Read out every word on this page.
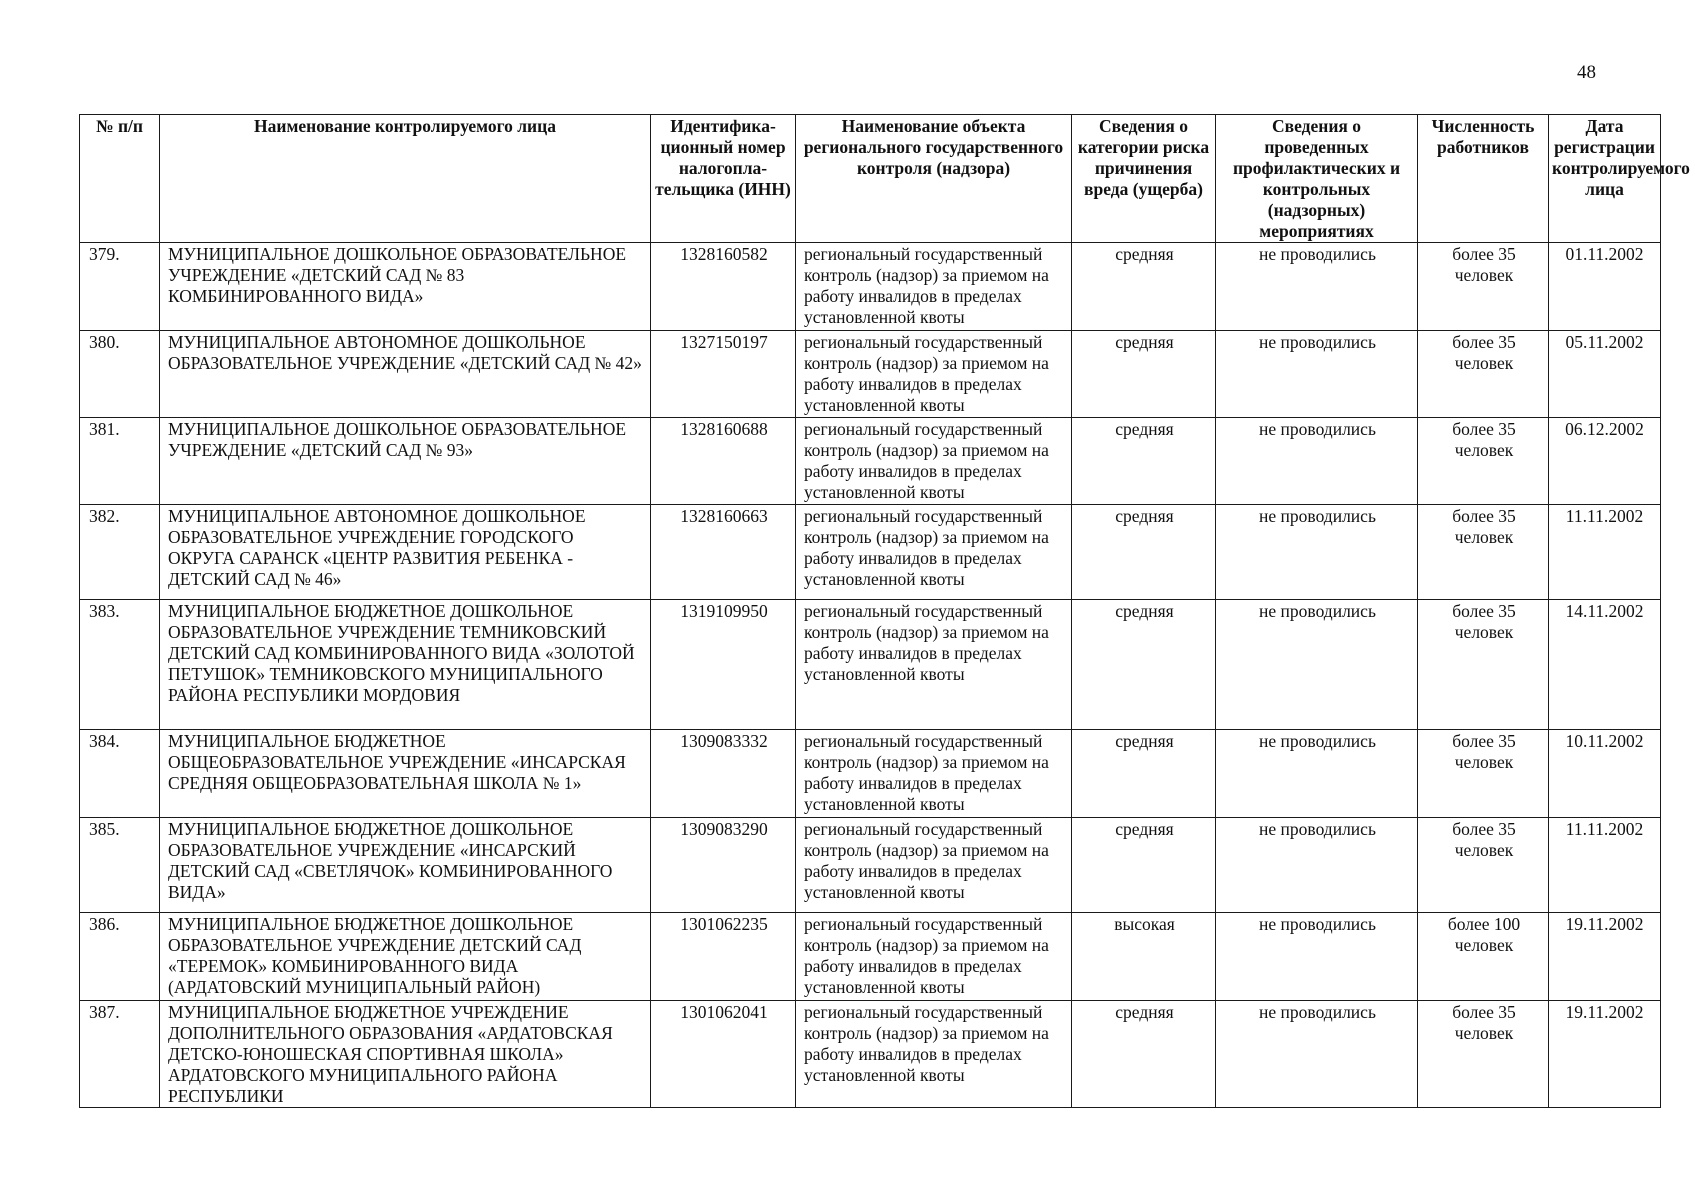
48
№ п/п	Наименование контролируемого лица	Идентифика-ционный номер налогопла-тельщика (ИНН)	Наименование объекта регионального государственного контроля (надзора)	Сведения о категории риска причинения вреда (ущерба)	Сведения о проведенных профилактических и контрольных (надзорных) мероприятиях	Численность работников	Дата регистрации контролируемого лица
379.	МУНИЦИПАЛЬНОЕ ДОШКОЛЬНОЕ ОБРАЗОВАТЕЛЬНОЕ УЧРЕЖДЕНИЕ «ДЕТСКИЙ САД № 83 КОМБИНИРОВАННОГО ВИДА»	1328160582	региональный государственный контроль (надзор) за приемом на работу инвалидов в пределах установленной квоты	средняя	не проводились	более 35 человек	01.11.2002
380.	МУНИЦИПАЛЬНОЕ АВТОНОМНОЕ ДОШКОЛЬНОЕ ОБРАЗОВАТЕЛЬНОЕ УЧРЕЖДЕНИЕ «ДЕТСКИЙ САД № 42»	1327150197	региональный государственный контроль (надзор) за приемом на работу инвалидов в пределах установленной квоты	средняя	не проводились	более 35 человек	05.11.2002
381.	МУНИЦИПАЛЬНОЕ ДОШКОЛЬНОЕ ОБРАЗОВАТЕЛЬНОЕ УЧРЕЖДЕНИЕ «ДЕТСКИЙ САД № 93»	1328160688	региональный государственный контроль (надзор) за приемом на работу инвалидов в пределах установленной квоты	средняя	не проводились	более 35 человек	06.12.2002
382.	МУНИЦИПАЛЬНОЕ АВТОНОМНОЕ ДОШКОЛЬНОЕ ОБРАЗОВАТЕЛЬНОЕ УЧРЕЖДЕНИЕ ГОРОДСКОГО ОКРУГА САРАНСК «ЦЕНТР РАЗВИТИЯ РЕБЕНКА - ДЕТСКИЙ САД № 46»	1328160663	региональный государственный контроль (надзор) за приемом на работу инвалидов в пределах установленной квоты	средняя	не проводились	более 35 человек	11.11.2002
383.	МУНИЦИПАЛЬНОЕ БЮДЖЕТНОЕ ДОШКОЛЬНОЕ ОБРАЗОВАТЕЛЬНОЕ УЧРЕЖДЕНИЕ ТЕМНИКОВСКИЙ ДЕТСКИЙ САД КОМБИНИРОВАННОГО ВИДА «ЗОЛОТОЙ ПЕТУШОК» ТЕМНИКОВСКОГО МУНИЦИПАЛЬНОГО РАЙОНА РЕСПУБЛИКИ МОРДОВИЯ	1319109950	региональный государственный контроль (надзор) за приемом на работу инвалидов в пределах установленной квоты	средняя	не проводились	более 35 человек	14.11.2002
384.	МУНИЦИПАЛЬНОЕ БЮДЖЕТНОЕ ОБЩЕОБРАЗОВАТЕЛЬНОЕ УЧРЕЖДЕНИЕ «ИНСАРСКАЯ СРЕДНЯЯ ОБЩЕОБРАЗОВАТЕЛЬНАЯ ШКОЛА № 1»	1309083332	региональный государственный контроль (надзор) за приемом на работу инвалидов в пределах установленной квоты	средняя	не проводились	более 35 человек	10.11.2002
385.	МУНИЦИПАЛЬНОЕ БЮДЖЕТНОЕ ДОШКОЛЬНОЕ ОБРАЗОВАТЕЛЬНОЕ УЧРЕЖДЕНИЕ «ИНСАРСКИЙ ДЕТСКИЙ САД «СВЕТЛЯЧОК» КОМБИНИРОВАННОГО ВИДА»	1309083290	региональный государственный контроль (надзор) за приемом на работу инвалидов в пределах установленной квоты	средняя	не проводились	более 35 человек	11.11.2002
386.	МУНИЦИПАЛЬНОЕ БЮДЖЕТНОЕ ДОШКОЛЬНОЕ ОБРАЗОВАТЕЛЬНОЕ УЧРЕЖДЕНИЕ ДЕТСКИЙ САД «ТЕРЕМОК» КОМБИНИРОВАННОГО ВИДА (АРДАТОВСКИЙ МУНИЦИПАЛЬНЫЙ РАЙОН)	1301062235	региональный государственный контроль (надзор) за приемом на работу инвалидов в пределах установленной квоты	высокая	не проводились	более 100 человек	19.11.2002
387.	МУНИЦИПАЛЬНОЕ БЮДЖЕТНОЕ УЧРЕЖДЕНИЕ ДОПОЛНИТЕЛЬНОГО ОБРАЗОВАНИЯ «АРДАТОВСКАЯ ДЕТСКО-ЮНОШЕСКАЯ СПОРТИВНАЯ ШКОЛА» АРДАТОВСКОГО МУНИЦИПАЛЬНОГО РАЙОНА РЕСПУБЛИКИ	1301062041	региональный государственный контроль (надзор) за приемом на работу инвалидов в пределах установленной квоты	средняя	не проводились	более 35 человек	19.11.2002
